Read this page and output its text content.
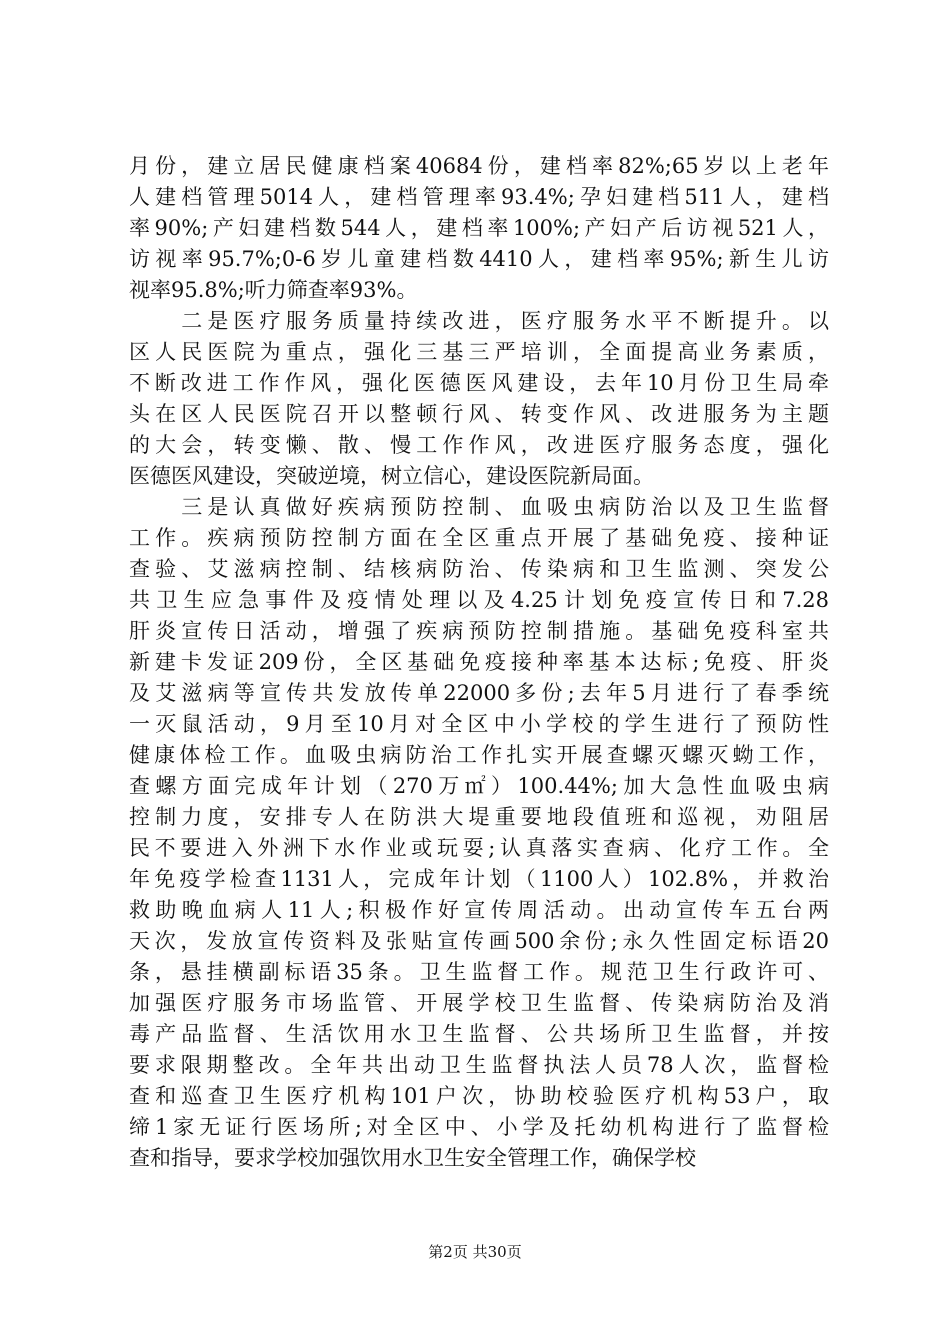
月份，建立居民健康档案40684份，建档率82%;65岁以上老年
人建档管理5014人，建档管理率93.4%;孕妇建档511人，建档
率90%;产妇建档数544人，建档率100%;产妇产后访视521人，
访视率95.7%;0-6岁儿童建档数4410人，建档率95%;新生儿访
视率95.8%;听力筛查率93%。
　　二是医疗服务质量持续改进，医疗服务水平不断提升。以
区人民医院为重点，强化三基三严培训，全面提高业务素质，
不断改进工作作风，强化医德医风建设，去年10月份卫生局牵
头在区人民医院召开以整顿行风、转变作风、改进服务为主题
的大会，转变懒、散、慢工作作风，改进医疗服务态度，强化
医德医风建设，突破逆境，树立信心，建设医院新局面。
　　三是认真做好疾病预防控制、血吸虫病防治以及卫生监督
工作。疾病预防控制方面在全区重点开展了基础免疫、接种证
查验、艾滋病控制、结核病防治、传染病和卫生监测、突发公
共卫生应急事件及疫情处理以及4.25计划免疫宣传日和7.28
肝炎宣传日活动，增强了疾病预防控制措施。基础免疫科室共
新建卡发证209份，全区基础免疫接种率基本达标;免疫、肝炎
及艾滋病等宣传共发放传单22000多份;去年5月进行了春季统
一灭鼠活动，9月至10月对全区中小学校的学生进行了预防性
健康体检工作。血吸虫病防治工作扎实开展查螺灭螺灭蚴工作，
查螺方面完成年计划（270万㎡）100.44%;加大急性血吸虫病
控制力度，安排专人在防洪大堤重要地段值班和巡视，劝阻居
民不要进入外洲下水作业或玩耍;认真落实查病、化疗工作。全
年免疫学检查1131人，完成年计划（1100人）102.8%，并救治
救助晚血病人11人;积极作好宣传周活动。出动宣传车五台两
天次，发放宣传资料及张贴宣传画500余份;永久性固定标语20
条，悬挂横副标语35条。卫生监督工作。规范卫生行政许可、
加强医疗服务市场监管、开展学校卫生监督、传染病防治及消
毒产品监督、生活饮用水卫生监督、公共场所卫生监督，并按
要求限期整改。全年共出动卫生监督执法人员78人次，监督检
查和巡查卫生医疗机构101户次，协助校验医疗机构53户，取
缔1家无证行医场所;对全区中、小学及托幼机构进行了监督检
查和指导，要求学校加强饮用水卫生安全管理工作，确保学校
第2页 共30页
